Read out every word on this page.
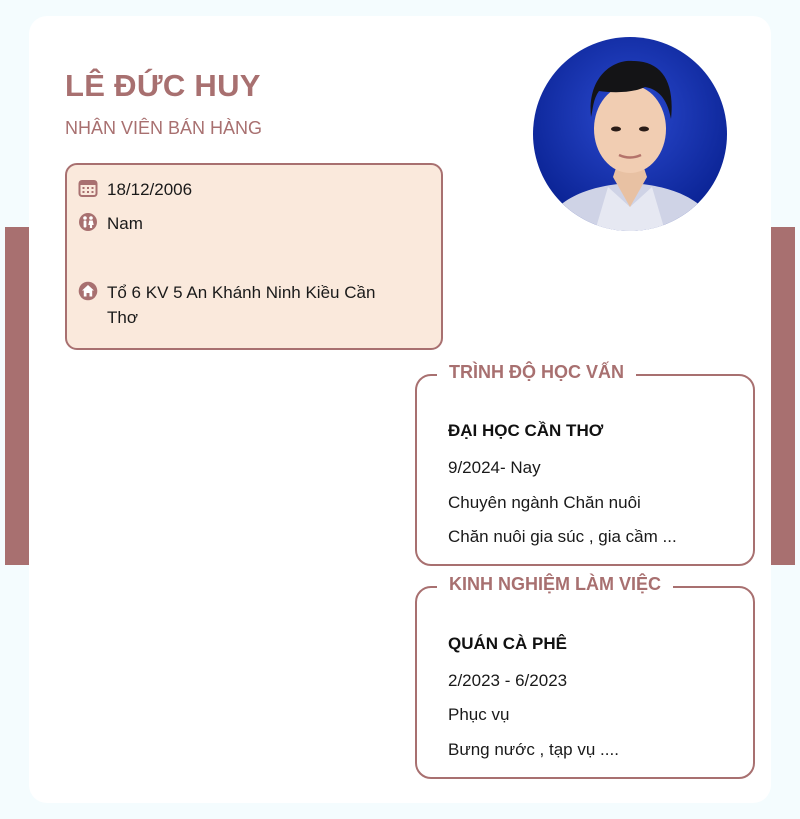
LÊ ĐỨC HUY
NHÂN VIÊN BÁN HÀNG
18/12/2006
Nam
Tổ 6 KV 5 An Khánh Ninh Kiều Cần Thơ
TRÌNH ĐỘ HỌC VẤN
ĐẠI HỌC CẦN THƠ
9/2024- Nay
Chuyên ngành Chăn nuôi
Chăn nuôi gia súc , gia cầm ...
KINH NGHIỆM LÀM VIỆC
QUÁN CÀ PHÊ
2/2023 - 6/2023
Phục vụ
Bưng nước , tạp vụ ....
